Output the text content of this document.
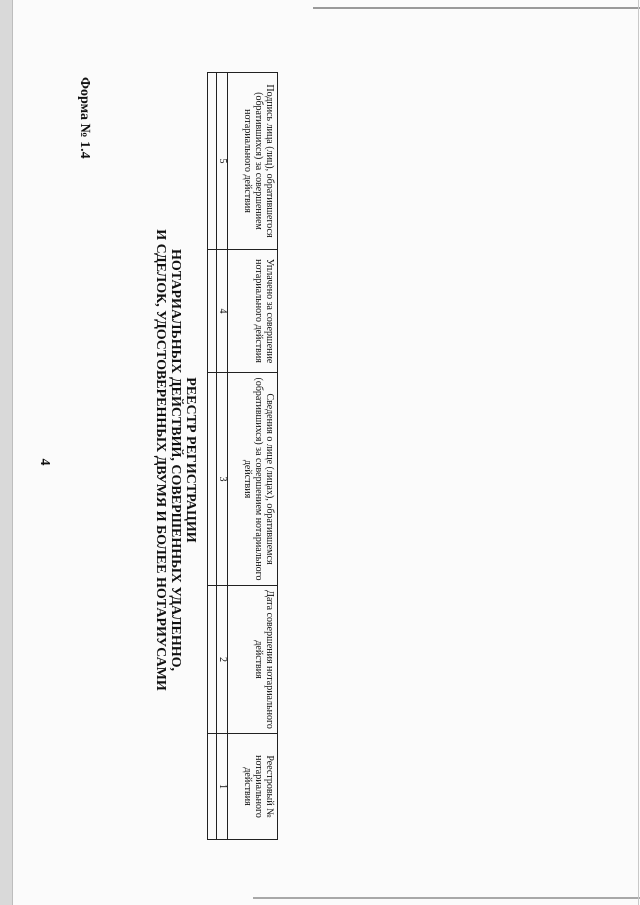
4
Форма № 1.4
РЕЕСТР РЕГИСТРАЦИИ
НОТАРИАЛЬНЫХ ДЕЙСТВИЙ, СОВЕРШЕННЫХ УДАЛЕННО,
И СДЕЛОК, УДОСТОВЕРЕННЫХ ДВУМЯ И БОЛЕЕ НОТАРИУСАМИ
Реестровый № нотариального действия
1
Дата совершения нотариального действия
2
Сведения о лице (лицах), обратившемся (обратившихся) за совершением нотариального действия
3
Уплачено за совершение нотариального действия
4
Подпись лица (лиц), обратившегося (обратившихся) за совершением нотариального действия
5
